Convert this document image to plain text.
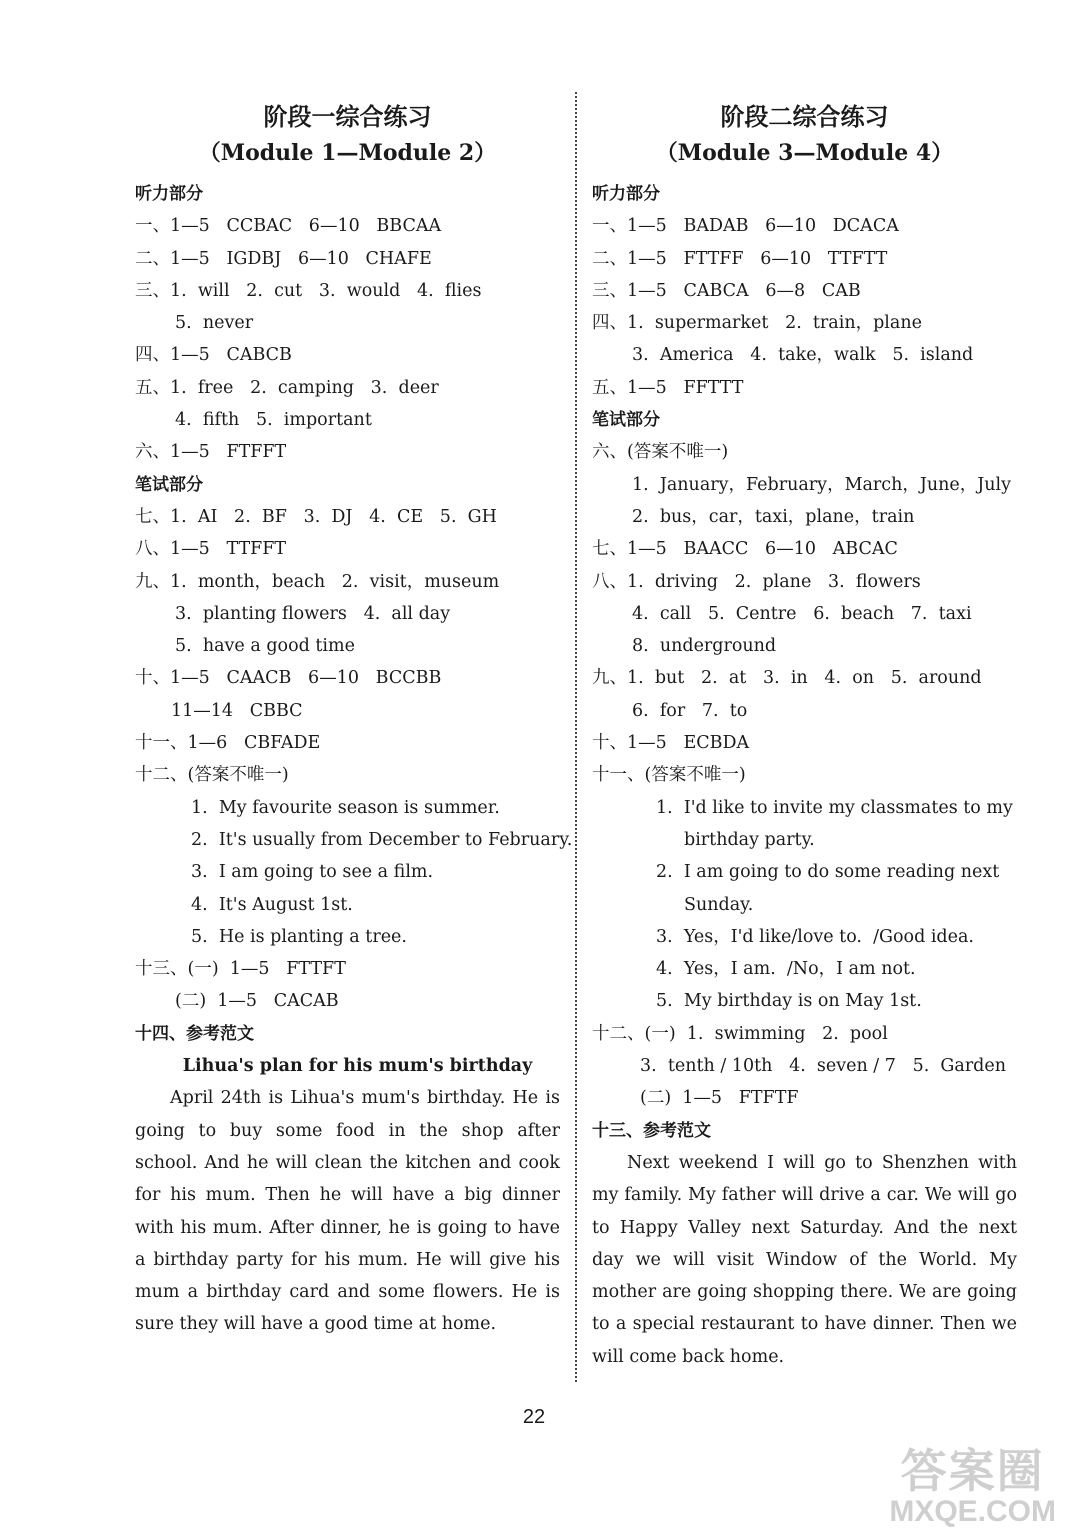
阶段一综合练习
（Module 1—Module 2）
听力部分
一、1—5   CCBAC   6—10   BBCAA
二、1—5   IGDBJ   6—10   CHAFE
三、1.  will   2.  cut   3.  would   4.  flies
5.  never
四、1—5   CABCB
五、1.  free   2.  camping   3.  deer
4.  fifth   5.  important
六、1—5   FTFFT
笔试部分
七、1.  AI   2.  BF   3.  DJ   4.  CE   5.  GH
八、1—5   TTFFT
九、1.  month，beach   2.  visit，museum
3.  planting flowers   4.  all day
5.  have a good time
十、1—5   CAACB   6—10   BCCBB
11—14   CBBC
十一、1—6   CBFADE
十二、(答案不唯一)
1.  My favourite season is summer.
2.  It's usually from December to February.
3.  I am going to see a film.
4.  It's August 1st.
5.  He is planting a tree.
十三、(一)  1—5   FTTFT
(二)  1—5   CACAB
十四、参考范文
Lihua's plan for his mum's birthday

April 24th is Lihua's mum's birthday. He is going to buy some food in the shop after school. And he will clean the kitchen and cook for his mum. Then he will have a big dinner with his mum. After dinner, he is going to have a birthday party for his mum. He will give his mum a birthday card and some flowers. He is sure they will have a good time at home.

阶段二综合练习
（Module 3—Module 4）
听力部分
一、1—5   BADAB   6—10   DCACA
二、1—5   FTTFF   6—10   TTFTT
三、1—5   CABCA   6—8   CAB
四、1.  supermarket   2.  train，plane
3.  America   4.  take，walk   5.  island
五、1—5   FFTTT
笔试部分
六、(答案不唯一)
1.  January，February，March，June，July
2.  bus，car，taxi，plane，train
七、1—5   BAACC   6—10   ABCAC
八、1.  driving   2.  plane   3.  flowers
4.  call   5.  Centre   6.  beach   7.  taxi
8.  underground
九、1.  but   2.  at   3.  in   4.  on   5.  around
6.  for   7.  to
十、1—5   ECBDA
十一、(答案不唯一)
1.  I'd like to invite my classmates to my
birthday party.
2.  I am going to do some reading next
Sunday.
3.  Yes，I'd like/love to.  /Good idea.
4.  Yes，I am.  /No，I am not.
5.  My birthday is on May 1st.
十二、(一)  1.  swimming   2.  pool
3.  tenth / 10th   4.  seven / 7   5.  Garden
(二)  1—5   FTFTF
十三、参考范文

Next weekend I will go to Shenzhen with my family. My father will drive a car. We will go to Happy Valley next Saturday. And the next day we will visit Window of the World. My mother are going shopping there. We are going to a special restaurant to have dinner. Then we will come back home.

22
答案圈
MXQE.COM
